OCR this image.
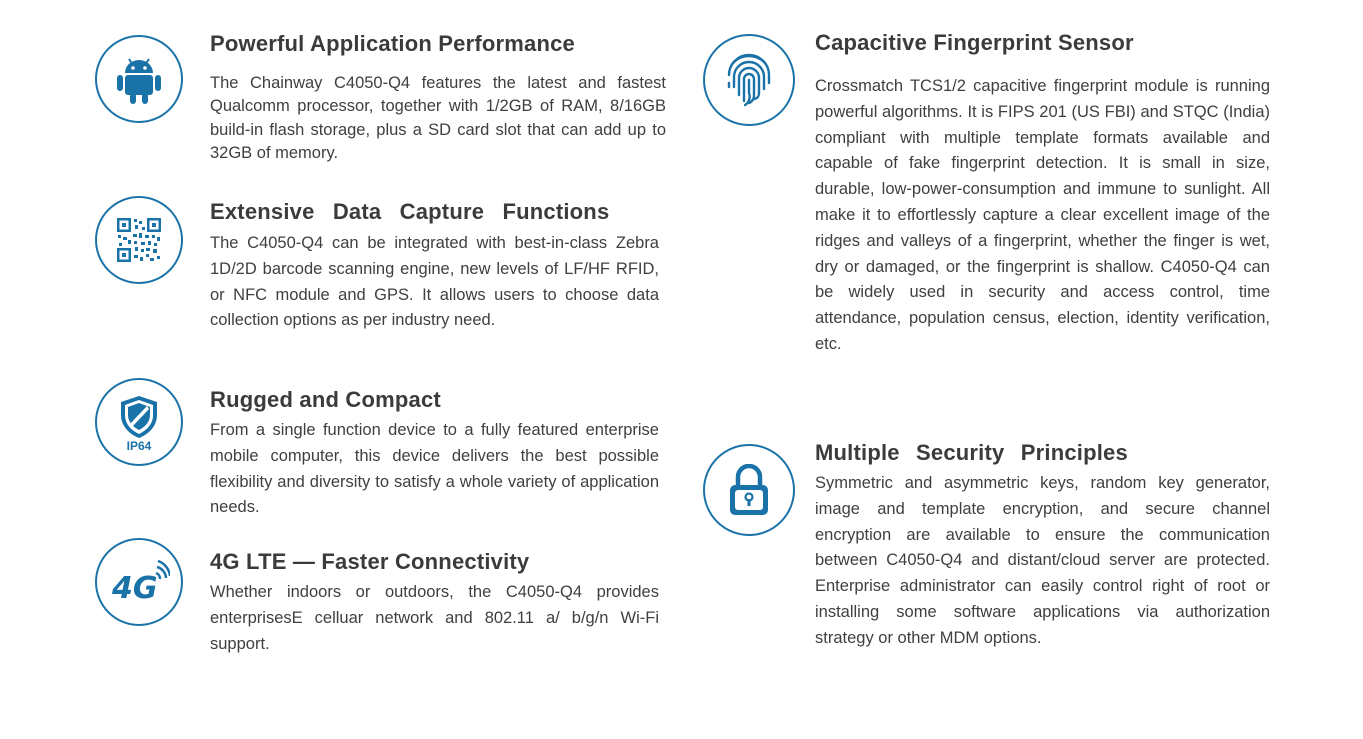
Powerful Application Performance

The Chainway C4050-Q4 features the latest and fastest Qualcomm processor, together with 1/2GB of RAM, 8/16GB build-in flash storage, plus a SD card slot that can add up to 32GB of memory.

Extensive Data Capture Functions

The C4050-Q4 can be integrated with best-in-class Zebra 1D/2D barcode scanning engine, new levels of LF/HF RFID, or NFC module and GPS. It allows users to choose data collection options as per industry need.

IP64
Rugged and Compact

From a single function device to a fully featured enterprise mobile computer, this device delivers the best possible flexibility and diversity to satisfy a whole variety of application needs.

4G
4G LTE — Faster Connectivity

Whether indoors or outdoors, the C4050-Q4 provides enterprisesE celluar network and 802.11 a/ b/g/n Wi-Fi support.

Capacitive Fingerprint Sensor

Crossmatch TCS1/2 capacitive fingerprint module is running powerful algorithms. It is FIPS 201 (US FBI) and STQC (India) compliant with multiple template formats available and capable of fake fingerprint detection. It is small in size, durable, low-power-consumption and immune to sunlight. All make it to effortlessly capture a clear excellent image of the ridges and valleys of a fingerprint, whether the finger is wet, dry or damaged, or the fingerprint is shallow. C4050-Q4 can be widely used in security and access control, time attendance, population census, election, identity verification, etc.

Multiple Security Principles

Symmetric and asymmetric keys, random key generator, image and template encryption, and secure channel encryption are available to ensure the communication between C4050-Q4 and distant/cloud server are protected. Enterprise administrator can easily control right of root or installing some software applications via authorization strategy or other MDM options.
